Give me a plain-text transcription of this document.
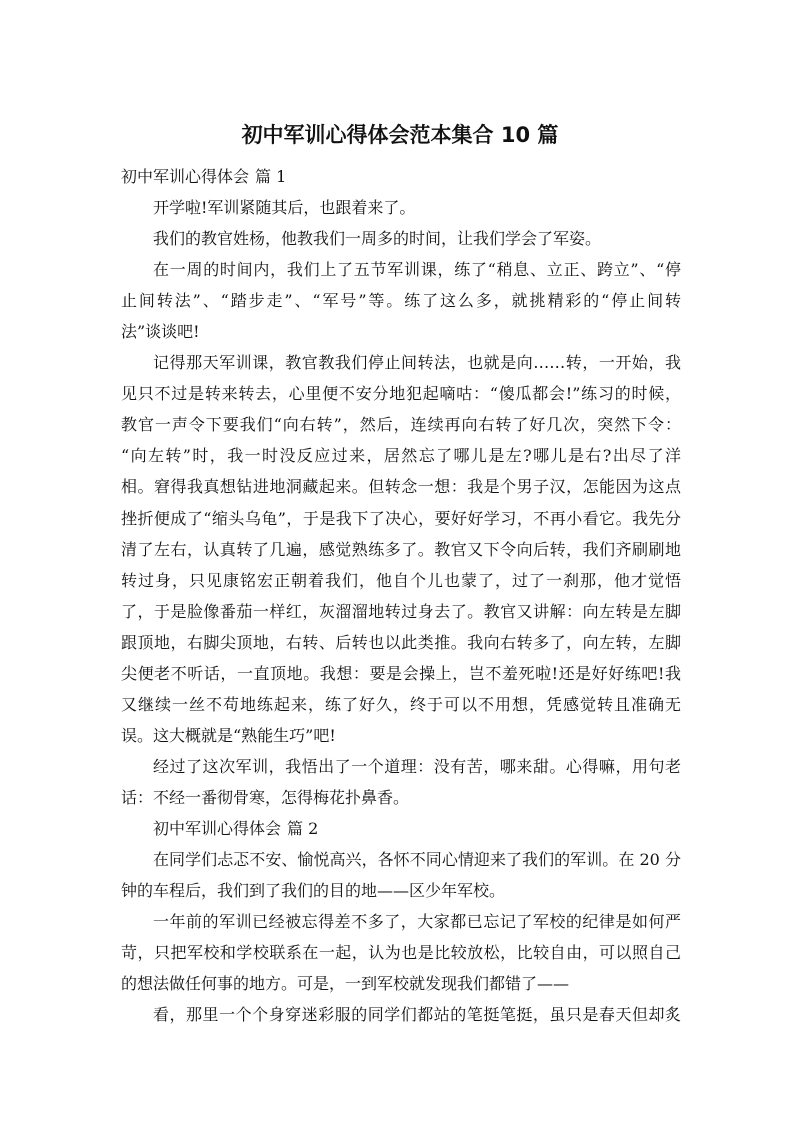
初中军训心得体会范本集合 10 篇
初中军训心得体会 篇 1
开学啦!军训紧随其后，也跟着来了。
我们的教官姓杨，他教我们一周多的时间，让我们学会了军姿。
在一周的时间内，我们上了五节军训课，练了“稍息、立正、跨立”、“停
止间转法”、“踏步走”、“军号”等。练了这么多，就挑精彩的“停止间转
法”谈谈吧!
记得那天军训课，教官教我们停止间转法，也就是向……转，一开始，我
见只不过是转来转去，心里便不安分地犯起嘀咕：“傻瓜都会!”练习的时候，
教官一声令下要我们“向右转”，然后，连续再向右转了好几次，突然下令：
“向左转”时，我一时没反应过来，居然忘了哪儿是左?哪儿是右?出尽了洋
相。窘得我真想钻进地洞藏起来。但转念一想：我是个男子汉，怎能因为这点
挫折便成了“缩头乌龟”，于是我下了决心，要好好学习，不再小看它。我先分
清了左右，认真转了几遍，感觉熟练多了。教官又下令向后转，我们齐刷刷地
转过身，只见康铭宏正朝着我们，他自个儿也蒙了，过了一刹那，他才觉悟
了，于是脸像番茄一样红，灰溜溜地转过身去了。教官又讲解：向左转是左脚
跟顶地，右脚尖顶地，右转、后转也以此类推。我向右转多了，向左转，左脚
尖便老不听话，一直顶地。我想：要是会操上，岂不羞死啦!还是好好练吧!我
又继续一丝不苟地练起来，练了好久，终于可以不用想，凭感觉转且准确无
误。这大概就是“熟能生巧”吧!
经过了这次军训，我悟出了一个道理：没有苦，哪来甜。心得嘛，用句老
话：不经一番彻骨寒，怎得梅花扑鼻香。
初中军训心得体会 篇 2
在同学们忐忑不安、愉悦高兴，各怀不同心情迎来了我们的军训。在 20 分
钟的车程后，我们到了我们的目的地——区少年军校。
一年前的军训已经被忘得差不多了，大家都已忘记了军校的纪律是如何严
苛，只把军校和学校联系在一起，认为也是比较放松，比较自由，可以照自己
的想法做任何事的地方。可是，一到军校就发现我们都错了——
看，那里一个个身穿迷彩服的同学们都站的笔挺笔挺，虽只是春天但却炙
